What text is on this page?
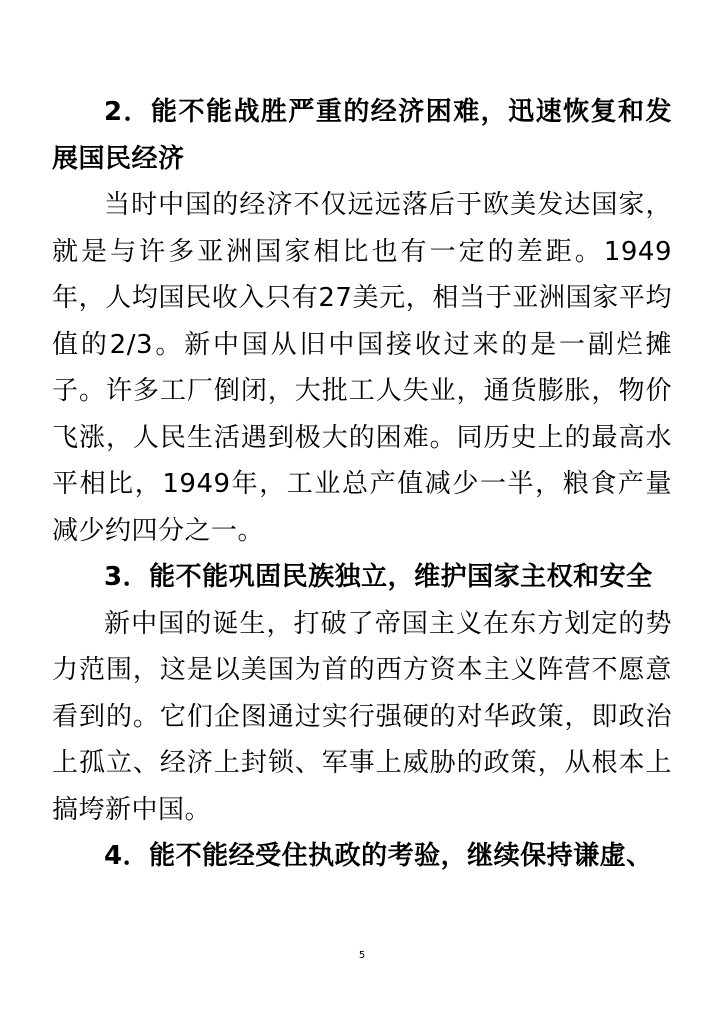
2．能不能战胜严重的经济困难，迅速恢复和发展国民经济

当时中国的经济不仅远远落后于欧美发达国家，就是与许多亚洲国家相比也有一定的差距。1949年，人均国民收入只有27美元，相当于亚洲国家平均值的2/3。新中国从旧中国接收过来的是一副烂摊子。许多工厂倒闭，大批工人失业，通货膨胀，物价飞涨，人民生活遇到极大的困难。同历史上的最高水平相比，1949年，工业总产值减少一半，粮食产量减少约四分之一。

3．能不能巩固民族独立，维护国家主权和安全

新中国的诞生，打破了帝国主义在东方划定的势力范围，这是以美国为首的西方资本主义阵营不愿意看到的。它们企图通过实行强硬的对华政策，即政治上孤立、经济上封锁、军事上威胁的政策，从根本上搞垮新中国。

4．能不能经受住执政的考验，继续保持谦虚、

5
